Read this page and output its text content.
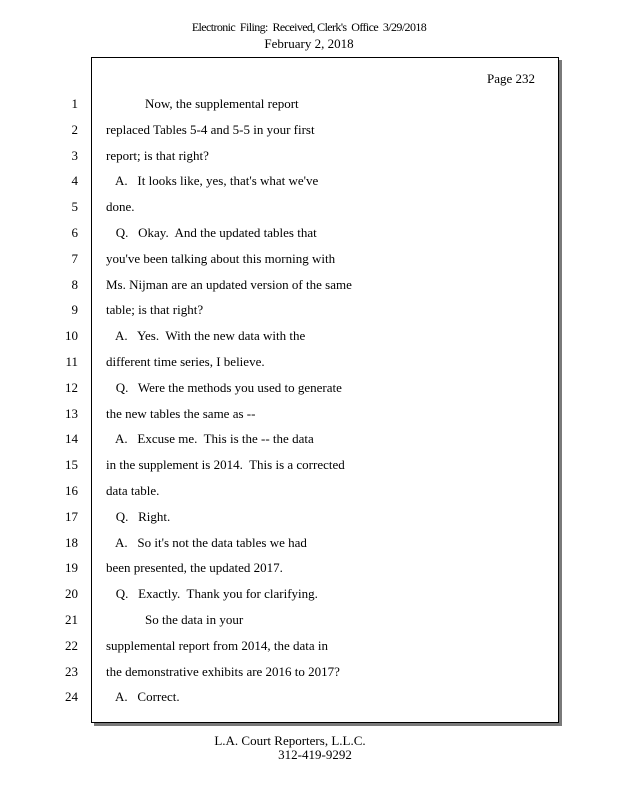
Electronic  Filing:  Received, Clerk's  Office  3/29/2018
February 2, 2018
Page 232
1 Now, the supplemental report
2 replaced Tables 5-4 and 5-5 in your first
3 report; is that right?
4 A.   It looks like, yes, that's what we've
5 done.
6 Q.   Okay.  And the updated tables that
7 you've been talking about this morning with
8 Ms. Nijman are an updated version of the same
9 table; is that right?
10 A.   Yes.  With the new data with the
11 different time series, I believe.
12 Q.   Were the methods you used to generate
13 the new tables the same as --
14 A.   Excuse me.  This is the -- the data
15 in the supplement is 2014.  This is a corrected
16 data table.
17 Q.   Right.
18 A.   So it's not the data tables we had
19 been presented, the updated 2017.
20 Q.   Exactly.  Thank you for clarifying.
21 So the data in your
22 supplemental report from 2014, the data in
23 the demonstrative exhibits are 2016 to 2017?
24 A.   Correct.
L.A. Court Reporters, L.L.C.
312-419-9292
